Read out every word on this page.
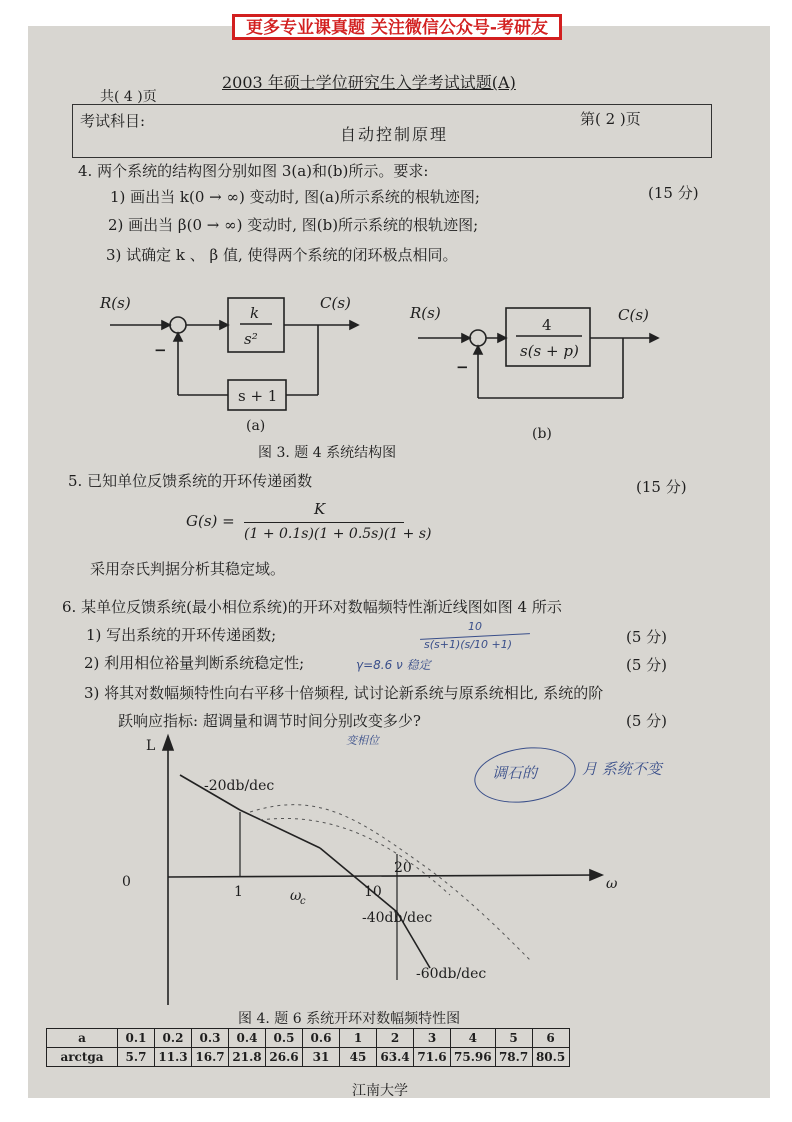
更多专业课真题 关注微信公众号-考研友
2003 年硕士学位研究生入学考试试题(A)
共( 4 )页
考试科目:
自动控制原理
第( 2 )页
4. 两个系统的结构图分别如图 3(a)和(b)所示。要求:
(15 分)
1) 画出当 k(0 → ∞) 变动时, 图(a)所示系统的根轨迹图;
2) 画出当 β(0 → ∞) 变动时, 图(b)所示系统的根轨迹图;
3) 试确定 k 、 β 值, 使得两个系统的闭环极点相同。
R(s)	C(s)
k
s²
s + 1
−
(a)
R(s)	C(s)
4
s(s + p)
−
(b)
图 3. 题 4 系统结构图
5. 已知单位反馈系统的开环传递函数	(15 分)
G(s) =
K
(1 + 0.1s)(1 + 0.5s)(1 + s)
采用奈氏判据分析其稳定域。
6. 某单位反馈系统(最小相位系统)的开环对数幅频特性渐近线图如图 4 所示
1) 写出系统的开环传递函数;	(5 分)
2) 利用相位裕量判断系统稳定性;	(5 分)
3) 将其对数幅频特性向右平移十倍频程, 试讨论新系统与原系统相比, 系统的阶
跃响应指标: 超调量和调节时间分别改变多少?	(5 分)
10
s(s+1)(s/10 +1)
γ=8.6 ν 稳定
变相位
调石的	月 系统不变
L
0	ω
1	ω
c
10
20
-20db/dec
-40db/dec
-60db/dec
图 4. 题 6 系统开环对数幅频特性图
a	0.1	0.2	0.3	0.4	0.5	0.6	1	2	3	4	5	6
arctga	5.7	11.3	16.7	21.8	26.6	31	45	63.4	71.6	75.96	78.7	80.5
江南大学
